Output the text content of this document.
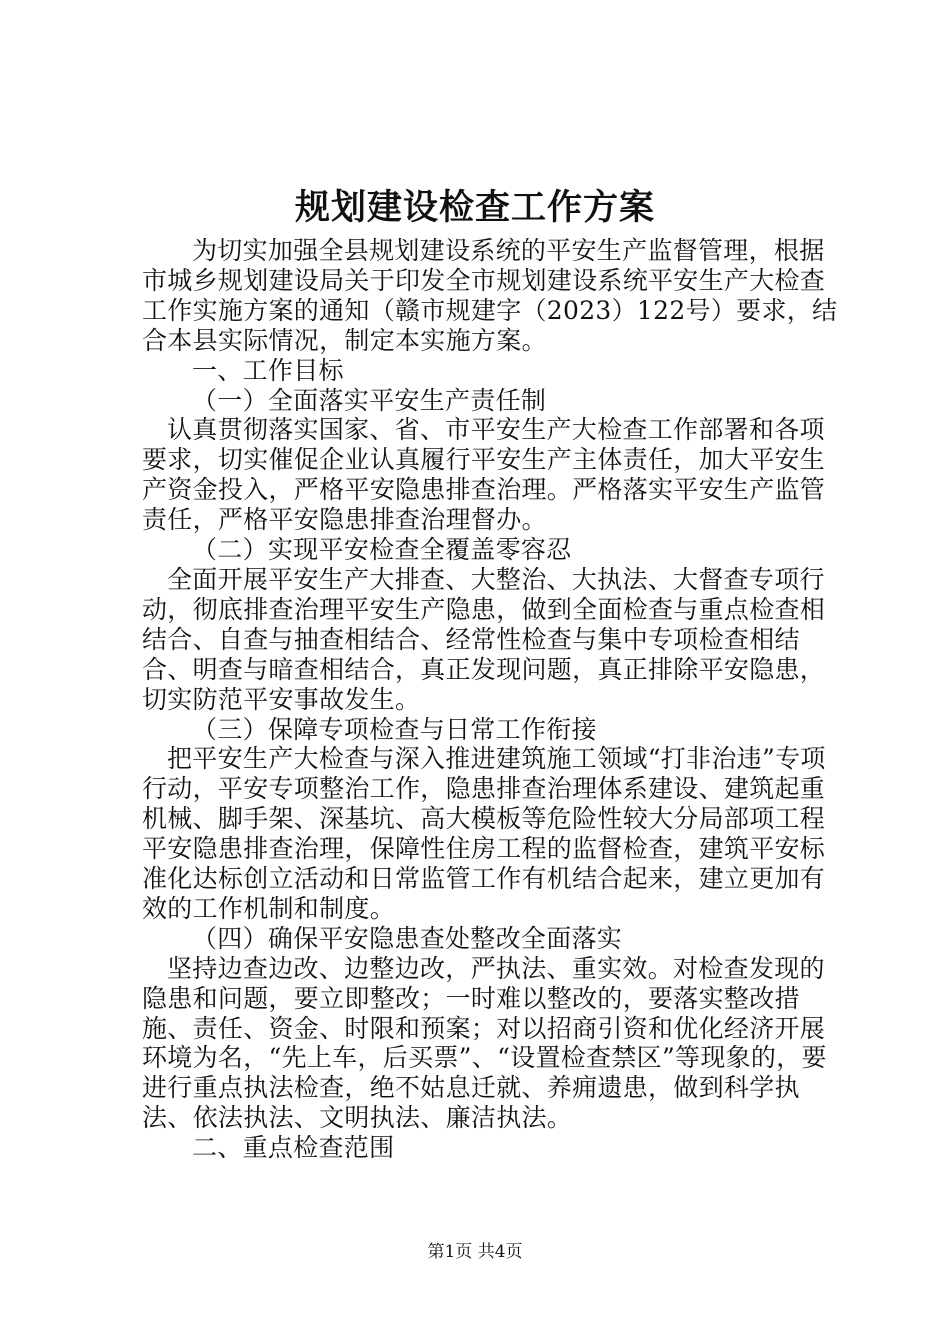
规划建设检查工作方案

为切实加强全县规划建设系统的平安生产监督管理，根据市城乡规划建设局关于印发全市规划建设系统平安生产大检查工作实施方案的通知（赣市规建字（2023）122号）要求，结合本县实际情况，制定本实施方案。

一、工作目标

（一）全面落实平安生产责任制

认真贯彻落实国家、省、市平安生产大检查工作部署和各项要求，切实催促企业认真履行平安生产主体责任，加大平安生产资金投入，严格平安隐患排查治理。严格落实平安生产监管责任，严格平安隐患排查治理督办。

（二）实现平安检查全覆盖零容忍

全面开展平安生产大排查、大整治、大执法、大督查专项行动，彻底排查治理平安生产隐患，做到全面检查与重点检查相结合、自查与抽查相结合、经常性检查与集中专项检查相结合、明查与暗查相结合，真正发现问题，真正排除平安隐患，切实防范平安事故发生。

（三）保障专项检查与日常工作衔接

把平安生产大检查与深入推进建筑施工领域“打非治违”专项行动，平安专项整治工作，隐患排查治理体系建设、建筑起重机械、脚手架、深基坑、高大模板等危险性较大分局部项工程平安隐患排查治理，保障性住房工程的监督检查，建筑平安标准化达标创立活动和日常监管工作有机结合起来，建立更加有效的工作机制和制度。

（四）确保平安隐患查处整改全面落实

坚持边查边改、边整边改，严执法、重实效。对检查发现的隐患和问题，要立即整改；一时难以整改的，要落实整改措施、责任、资金、时限和预案；对以招商引资和优化经济开展环境为名，“先上车，后买票”、“设置检查禁区”等现象的，要进行重点执法检查，绝不姑息迁就、养痈遗患，做到科学执法、依法执法、文明执法、廉洁执法。

二、重点检查范围

第1页 共4页
